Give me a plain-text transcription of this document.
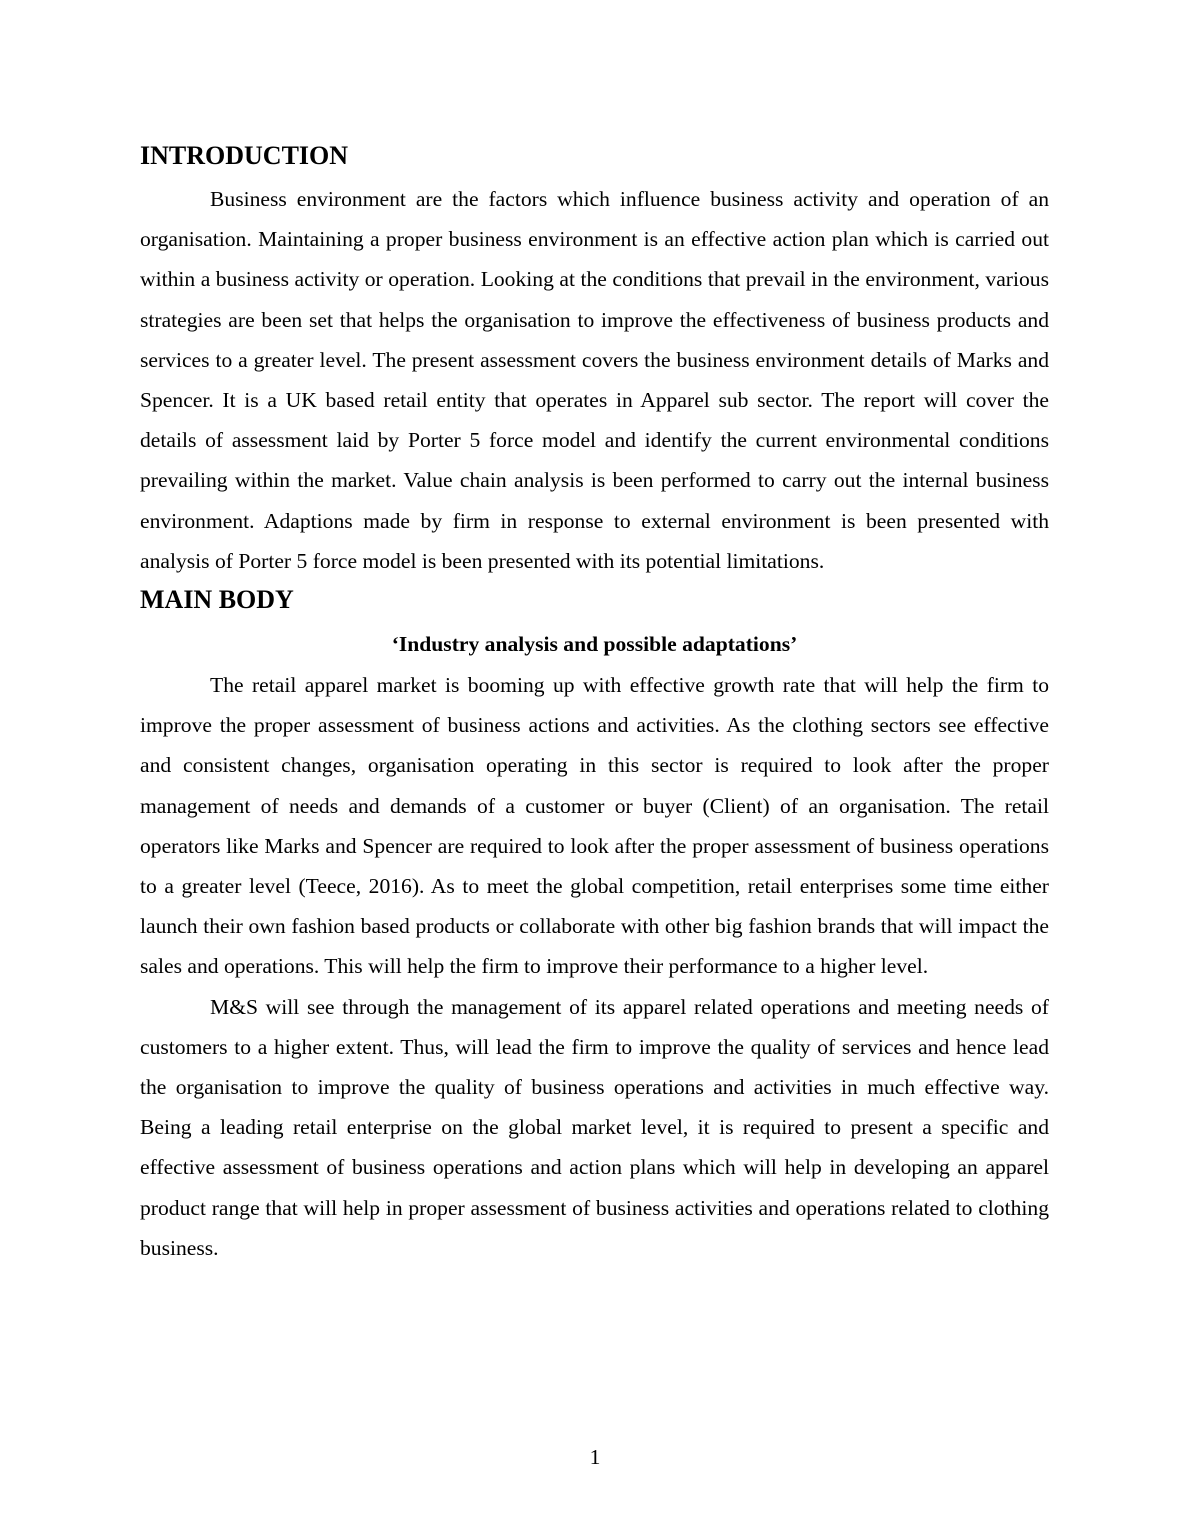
INTRODUCTION

Business environment are the factors which influence business activity and operation of an organisation. Maintaining a proper business environment is an effective action plan which is carried out within a business activity or operation. Looking at the conditions that prevail in the environment, various strategies are been set that helps the organisation to improve the effectiveness of business products and services to a greater level. The present assessment covers the business environment details of Marks and Spencer. It is a UK based retail entity that operates in Apparel sub sector. The report will cover the details of assessment laid by Porter 5 force model and identify the current environmental conditions prevailing within the market. Value chain analysis is been performed to carry out the internal business environment. Adaptions made by firm in response to external environment is been presented with analysis of Porter 5 force model is been presented with its potential limitations.

MAIN BODY

‘Industry analysis and possible adaptations’

The retail apparel market is booming up with effective growth rate that will help the firm to improve the proper assessment of business actions and activities. As the clothing sectors see effective and consistent changes, organisation operating in this sector is required to look after the proper management of needs and demands of a customer or buyer (Client) of an organisation. The retail operators like Marks and Spencer are required to look after the proper assessment of business operations to a greater level (Teece, 2016). As to meet the global competition, retail enterprises some time either launch their own fashion based products or collaborate with other big fashion brands that will impact the sales and operations. This will help the firm to improve their performance to a higher level.

M&S will see through the management of its apparel related operations and meeting needs of customers to a higher extent. Thus, will lead the firm to improve the quality of services and hence lead the organisation to improve the quality of business operations and activities in much effective way. Being a leading retail enterprise on the global market level, it is required to present a specific and effective assessment of business operations and action plans which will help in developing an apparel product range that will help in proper assessment of business activities and operations related to clothing business.

1
